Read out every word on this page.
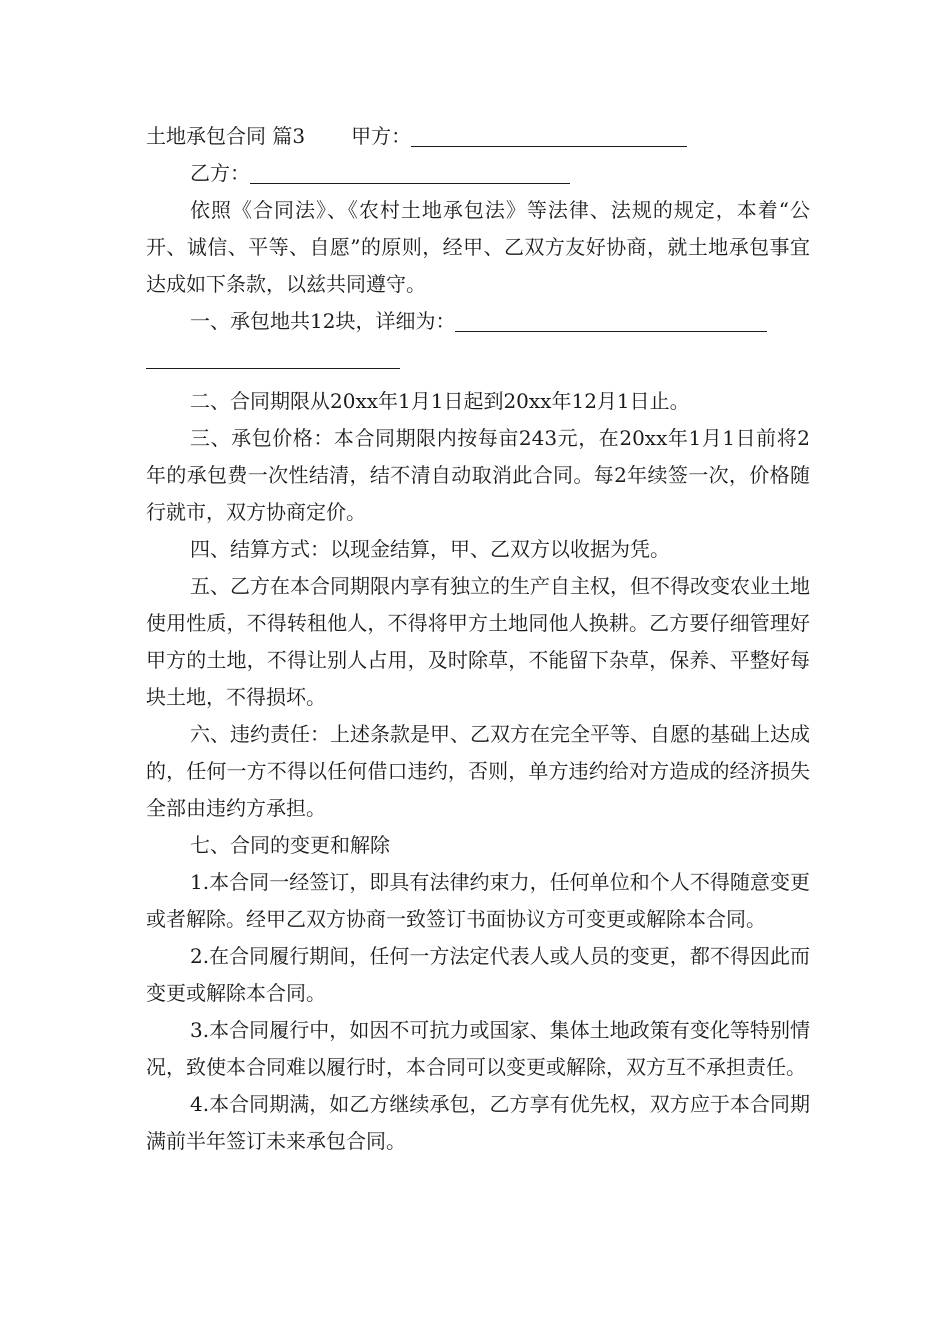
土地承包合同 篇3 甲方：
乙方：

依照《合同法》、《农村土地承包法》等法律、法规的规定，本着“公开、诚信、平等、自愿”的原则，经甲、乙双方友好协商，就土地承包事宜达成如下条款，以兹共同遵守。

一、承包地共12块，详细为：

二、合同期限从20xx年1月1日起到20xx年12月1日止。

三、承包价格：本合同期限内按每亩243元，在20xx年1月1日前将2年的承包费一次性结清，结不清自动取消此合同。每2年续签一次，价格随行就市，双方协商定价。

四、结算方式：以现金结算，甲、乙双方以收据为凭。

五、乙方在本合同期限内享有独立的生产自主权，但不得改变农业土地使用性质，不得转租他人，不得将甲方土地同他人换耕。乙方要仔细管理好甲方的土地，不得让别人占用，及时除草，不能留下杂草，保养、平整好每块土地，不得损坏。

六、违约责任：上述条款是甲、乙双方在完全平等、自愿的基础上达成的，任何一方不得以任何借口违约，否则，单方违约给对方造成的经济损失全部由违约方承担。

七、合同的变更和解除

1.本合同一经签订，即具有法律约束力，任何单位和个人不得随意变更或者解除。经甲乙双方协商一致签订书面协议方可变更或解除本合同。

2.在合同履行期间，任何一方法定代表人或人员的变更，都不得因此而变更或解除本合同。

3.本合同履行中，如因不可抗力或国家、集体土地政策有变化等特别情况，致使本合同难以履行时，本合同可以变更或解除，双方互不承担责任。

4.本合同期满，如乙方继续承包，乙方享有优先权，双方应于本合同期满前半年签订未来承包合同。
